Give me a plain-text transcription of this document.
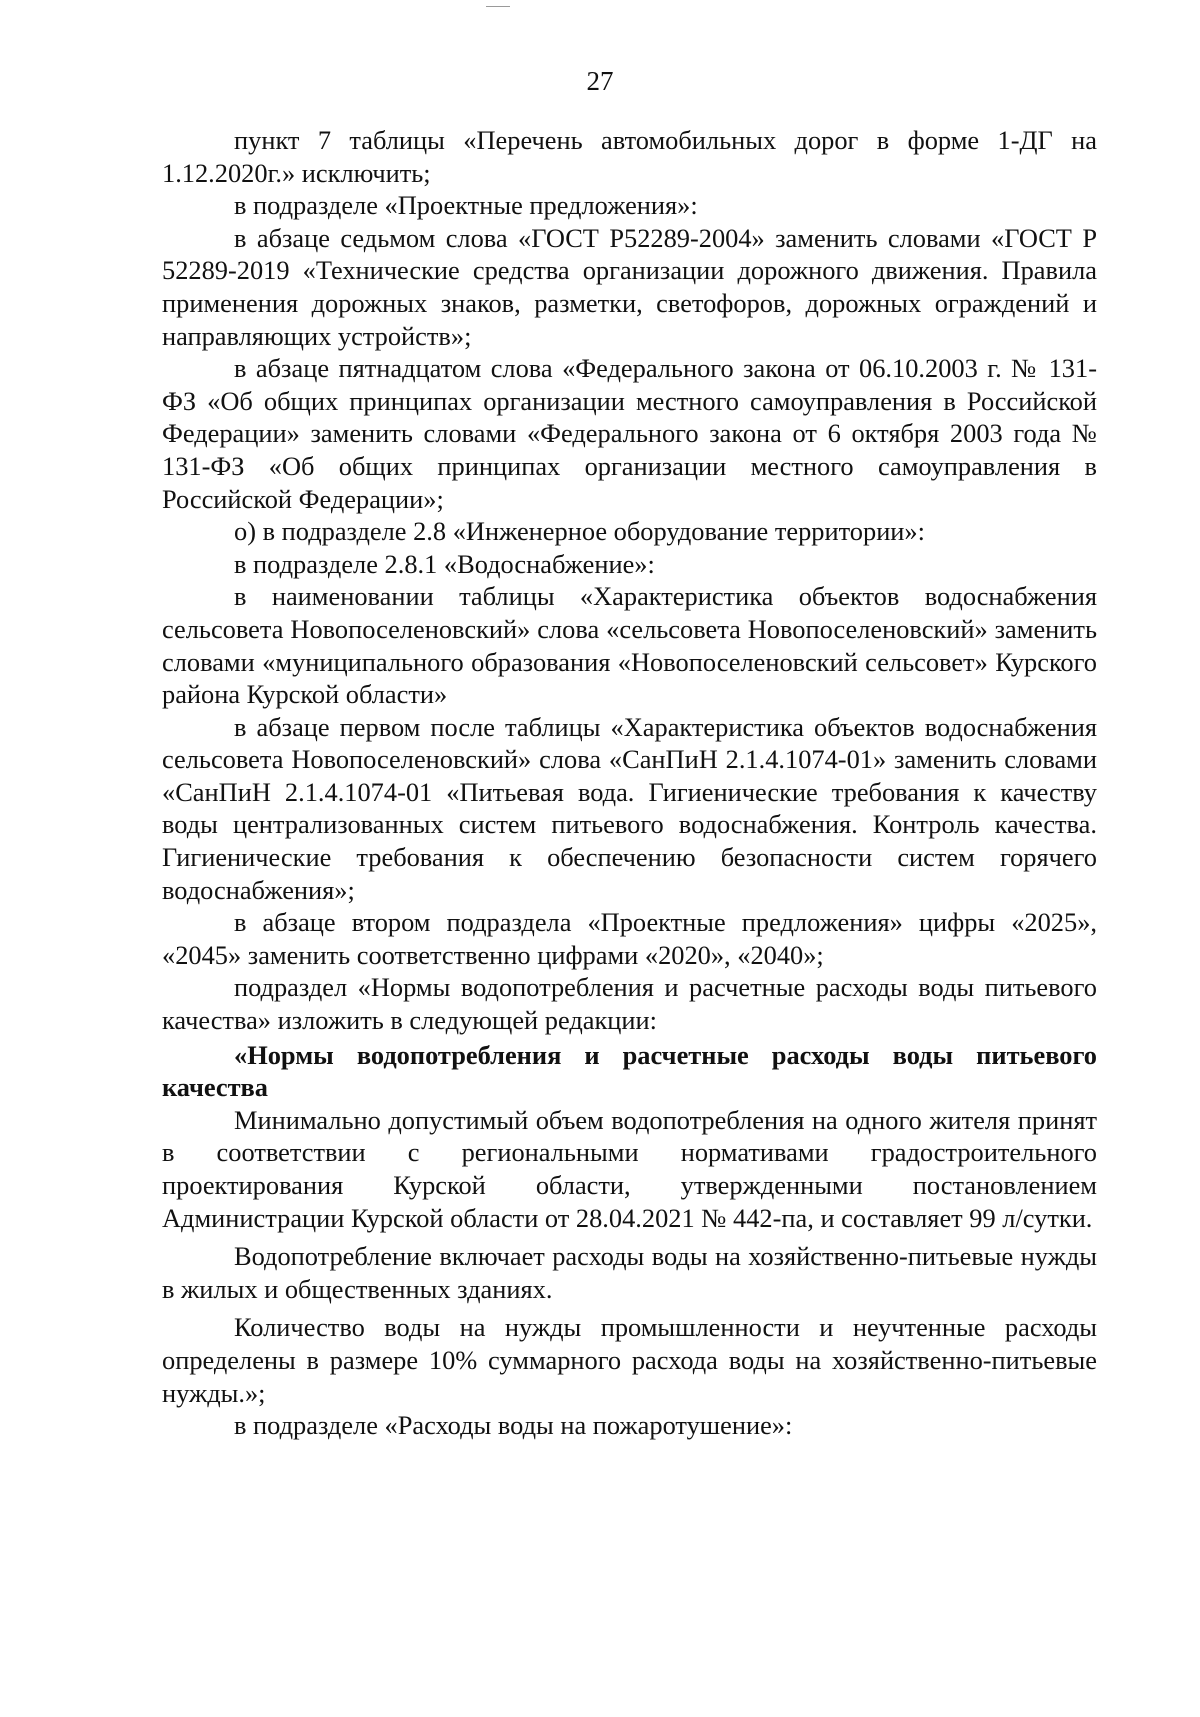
27

пункт 7 таблицы «Перечень автомобильных дорог в форме 1-ДГ на 1.12.2020г.» исключить;

в подразделе «Проектные предложения»:

в абзаце седьмом слова «ГОСТ Р52289-2004» заменить словами «ГОСТ Р 52289-2019 «Технические средства организации дорожного движения. Правила применения дорожных знаков, разметки, светофоров, дорожных ограждений и направляющих устройств»;

в абзаце пятнадцатом слова «Федерального закона от 06.10.2003 г. № 131-ФЗ «Об общих принципах организации местного самоуправления в Российской Федерации» заменить словами «Федерального закона от 6 октября 2003 года № 131-ФЗ «Об общих принципах организации местного самоуправления в Российской Федерации»;

о) в подразделе 2.8 «Инженерное оборудование территории»:

в подразделе 2.8.1 «Водоснабжение»:

в наименовании таблицы «Характеристика объектов водоснабжения сельсовета Новопоселеновский» слова «сельсовета Новопоселеновский» заменить словами «муниципального образования «Новопоселеновский сельсовет» Курского района Курской области»

в абзаце первом после таблицы «Характеристика объектов водоснабжения сельсовета Новопоселеновский» слова «СанПиН 2.1.4.1074-01» заменить словами «СанПиН 2.1.4.1074-01 «Питьевая вода. Гигиенические требования к качеству воды централизованных систем питьевого водоснабжения. Контроль качества. Гигиенические требования к обеспечению безопасности систем горячего водоснабжения»;

в абзаце втором подраздела «Проектные предложения» цифры «2025», «2045» заменить соответственно цифрами «2020», «2040»;

подраздел «Нормы водопотребления и расчетные расходы воды питьевого качества» изложить в следующей редакции:

«Нормы водопотребления и расчетные расходы воды питьевого качества

Минимально допустимый объем водопотребления на одного жителя принят в соответствии с региональными нормативами градостроительного проектирования Курской области, утвержденными постановлением Администрации Курской области от 28.04.2021 № 442-па, и составляет 99 л/сутки.

Водопотребление включает расходы воды на хозяйственно-питьевые нужды в жилых и общественных зданиях.

Количество воды на нужды промышленности и неучтенные расходы определены в размере 10% суммарного расхода воды на хозяйственно-питьевые нужды.»;

в подразделе «Расходы воды на пожаротушение»:
